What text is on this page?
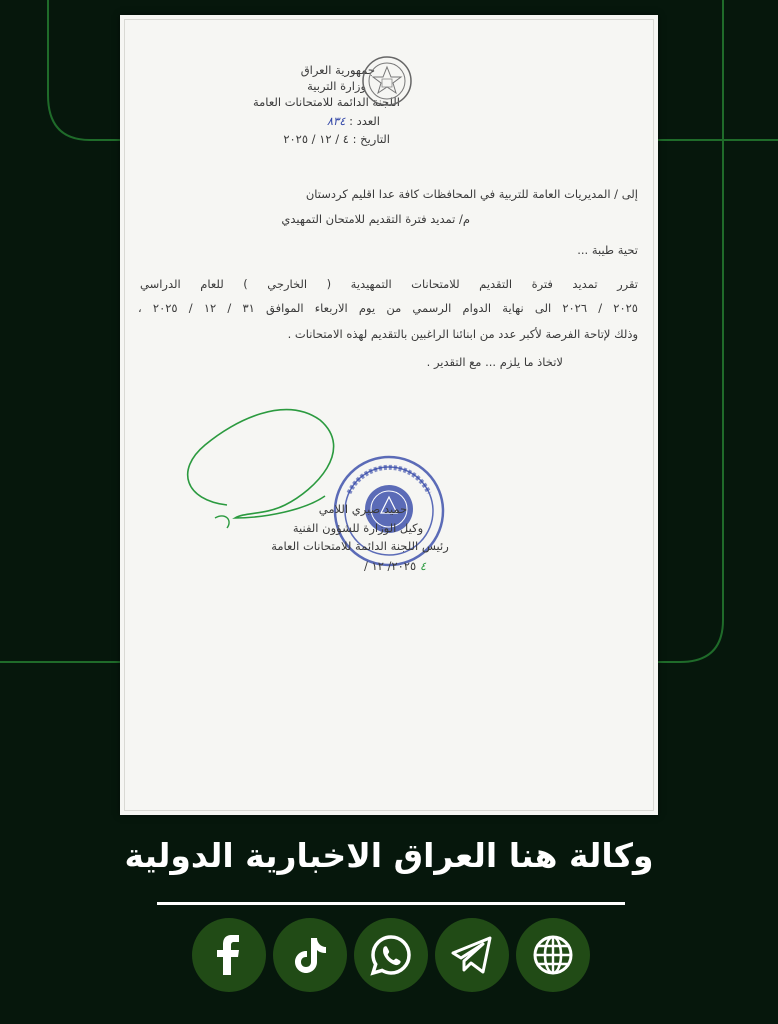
جمهورية العراق
وزارة التربية
اللجنة الدائمة للامتحانات العامة
العدد : ٨٣٤
التاريخ : ٤ / ١٢ / ٢٠٢٥
إلى / المديريات العامة للتربية في المحافظات كافة عدا اقليم كردستان
م/ تمديد فترة التقديم للامتحان التمهيدي
تحية طيبة ...
تقرر تمديد فترة التقديم للامتحانات التمهيدية ( الخارجي ) للعام الدراسي
٢٠٢٥ / ٢٠٢٦ الى نهاية الدوام الرسمي من يوم الاربعاء الموافق ٣١ / ١٢ / ٢٠٢٥ ،
وذلك لإتاحة الفرصة لأكبر عدد من ابنائنا الراغبين بالتقديم لهذه الامتحانات .
لاتخاذ ما يلزم ... مع التقدير .
حميد صبري اللامي
وكيل الوزارة للشؤون الفنية
رئيس اللجنة الدائمة للامتحانات العامة
٤ ٢٠٢٥/ ١٢ /
وكالة هنا العراق الاخبارية الدولية
